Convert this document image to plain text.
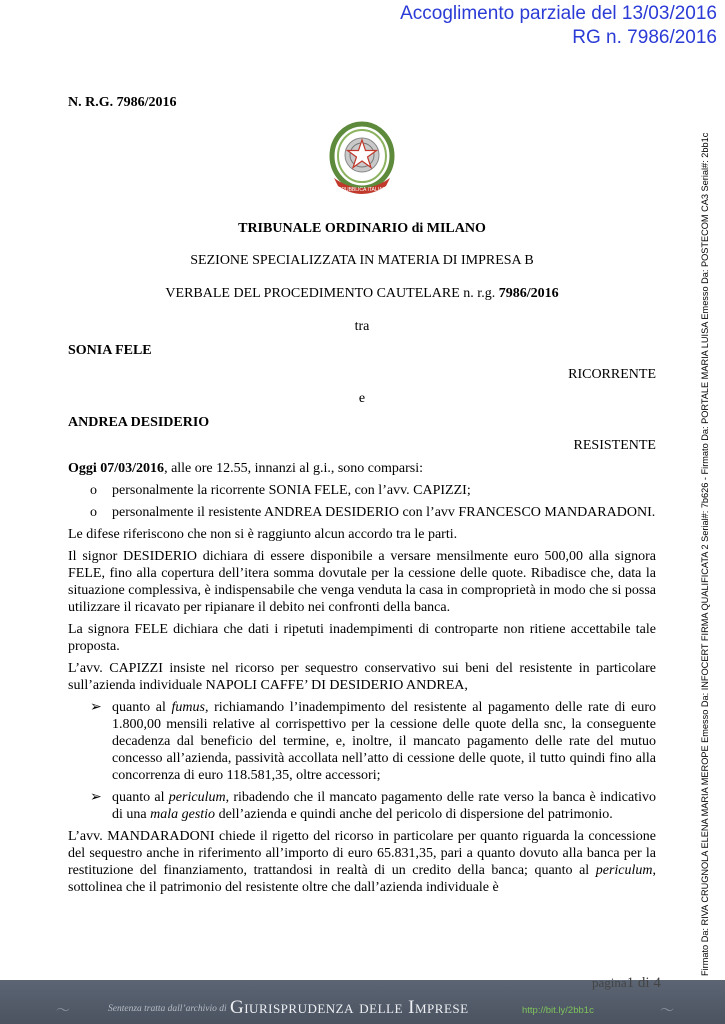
Accoglimento parziale del 13/03/2016
RG n. 7986/2016
Firmato Da: RIVA CRUGNOLA ELENA MARIA MEROPE Emesso Da: INFOCERT FIRMA QUALIFICATA 2 Serial#: 7b626 - Firmato Da: PORTALE MARIA LUISA Emesso Da: POSTECOM CA3 Serial#: 2bb1c
N. R.G. 7986/2016
REPUBBLICA ITALIANA
TRIBUNALE ORDINARIO di MILANO
SEZIONE SPECIALIZZATA IN MATERIA DI IMPRESA B
VERBALE DEL PROCEDIMENTO CAUTELARE n. r.g. 7986/2016
tra
SONIA FELE
RICORRENTE
e
ANDREA DESIDERIO
RESISTENTE

Oggi 07/03/2016, alle ore 12.55, innanzi al g.i., sono comparsi:

o	personalmente la ricorrente SONIA FELE, con l’avv. CAPIZZI;
o	personalmente il resistente ANDREA DESIDERIO con l’avv FRANCESCO MANDARADONI.

Le difese riferiscono che non si è raggiunto alcun accordo tra le parti.

Il signor DESIDERIO dichiara di essere disponibile a versare mensilmente euro 500,00 alla signora FELE, fino alla copertura dell’itera somma dovutale per la cessione delle quote. Ribadisce che, data la situazione complessiva, è indispensabile che venga venduta la casa in comproprietà in modo che si possa utilizzare il ricavato per ripianare il debito nei confronti della banca.

La signora FELE dichiara che dati i ripetuti inadempimenti di controparte non ritiene accettabile tale proposta.

L’avv. CAPIZZI insiste nel ricorso per sequestro conservativo sui beni del resistente in particolare sull’azienda individuale NAPOLI CAFFE’ DI DESIDERIO ANDREA,

➢ quanto al fumus, richiamando l’inadempimento del resistente al pagamento delle rate di euro 1.800,00 mensili relative al corrispettivo per la cessione delle quote della snc, la conseguente decadenza dal beneficio del termine, e, inoltre, il mancato pagamento delle rate del mutuo concesso all’azienda, passività accollata nell’atto di cessione delle quote, il tutto quindi fino alla concorrenza di euro 118.581,35, oltre accessori;
➢ quanto al periculum, ribadendo che il mancato pagamento delle rate verso la banca è indicativo di una mala gestio dell’azienda e quindi anche del pericolo di dispersione del patrimonio.

L’avv. MANDARADONI chiede il rigetto del ricorso in particolare per quanto riguarda la concessione del sequestro anche in riferimento all’importo di euro 65.831,35, pari a quanto dovuto alla banca per la restituzione del finanziamento, trattandosi in realtà di un credito della banca; quanto al periculum, sottolinea che il patrimonio del resistente oltre che dall’azienda individuale è

pagina1 di 4
〜	〜
Sentenza tratta dall’archivio di Giurisprudenza delle Imprese	http://bit.ly/2bb1c
